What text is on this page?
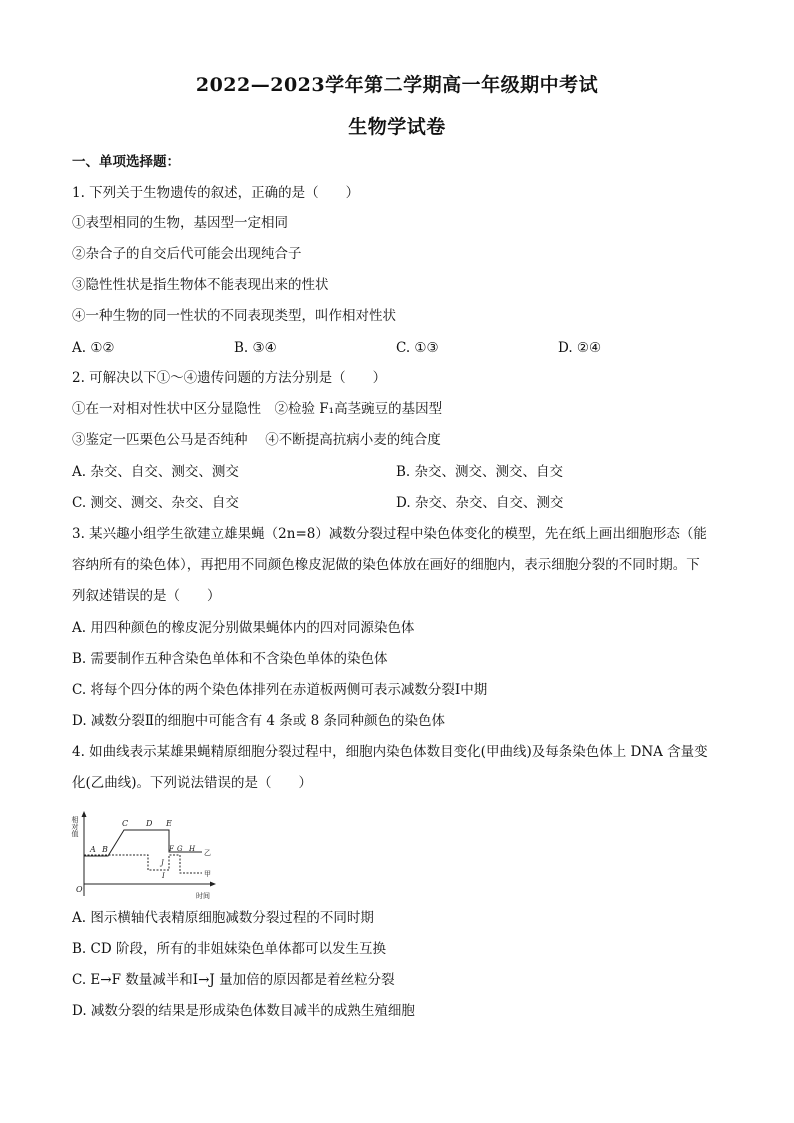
2022—2023学年第二学期高一年级期中考试
生物学试卷
一、单项选择题：
1. 下列关于生物遗传的叙述，正确的是（　　）
①表型相同的生物，基因型一定相同
②杂合子的自交后代可能会出现纯合子
③隐性性状是指生物体不能表现出来的性状
④一种生物的同一性状的不同表现类型，叫作相对性状
A. ①②	B. ③④	C. ①③	D. ②④
2. 可解决以下①～④遗传问题的方法分别是（　　）
①在一对相对性状中区分显隐性　②检验 F₁高茎豌豆的基因型
③鉴定一匹栗色公马是否纯种　 ④不断提高抗病小麦的纯合度
A. 杂交、自交、测交、测交	B. 杂交、测交、测交、自交
C. 测交、测交、杂交、自交	D. 杂交、杂交、自交、测交
3. 某兴趣小组学生欲建立雄果蝇（2n=8）减数分裂过程中染色体变化的模型，先在纸上画出细胞形态（能
容纳所有的染色体），再把用不同颜色橡皮泥做的染色体放在画好的细胞内，表示细胞分裂的不同时期。下
列叙述错误的是（　　）
A. 用四种颜色的橡皮泥分别做果蝇体内的四对同源染色体
B. 需要制作五种含染色单体和不含染色单体的染色体
C. 将每个四分体的两个染色体排列在赤道板两侧可表示减数分裂Ⅰ中期
D. 减数分裂Ⅱ的细胞中可能含有 4 条或 8 条同种颜色的染色体
4. 如曲线表示某雄果蝇精原细胞分裂过程中，细胞内染色体数目变化(甲曲线)及每条染色体上 DNA 含量变
化(乙曲线)。下列说法错误的是（　　）
相对值
O
时间
A B
C D E
F G H
J
I
乙
甲
A. 图示横轴代表精原细胞减数分裂过程的不同时期
B. CD 阶段，所有的非姐妹染色单体都可以发生互换
C. E→F 数量减半和Ⅰ→J 量加倍的原因都是着丝粒分裂
D. 减数分裂的结果是形成染色体数目减半的成熟生殖细胞
